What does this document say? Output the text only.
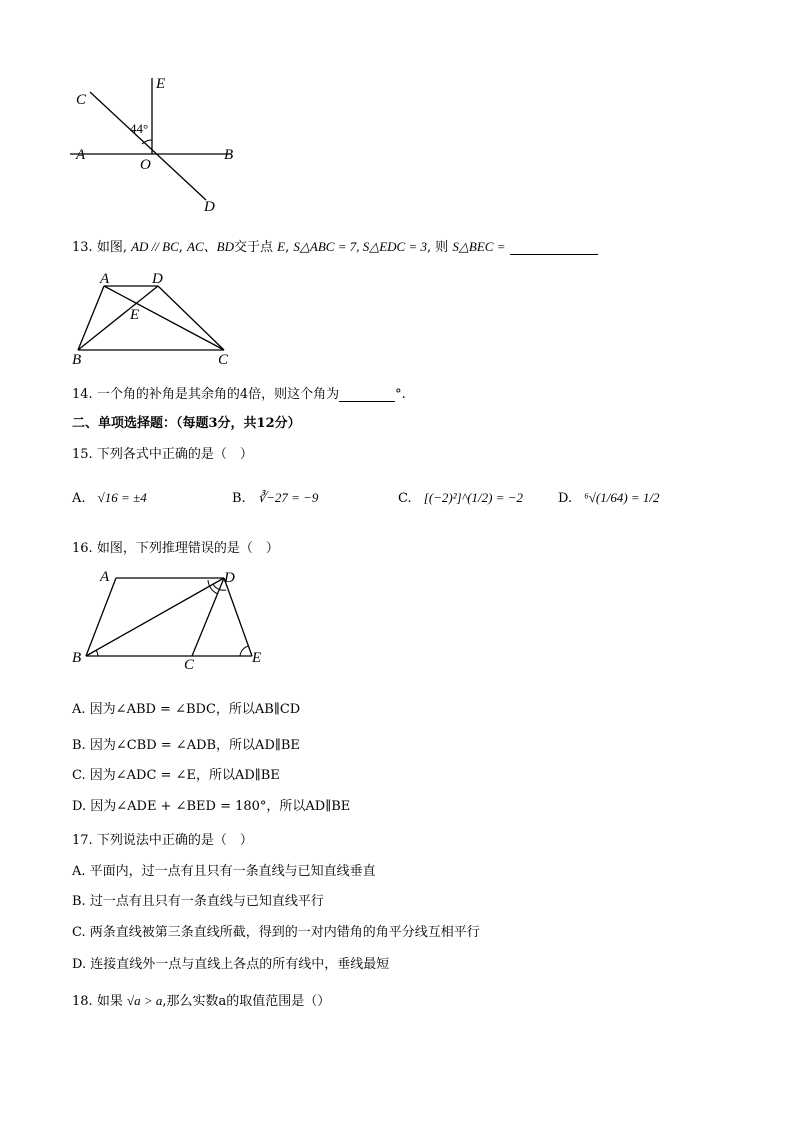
C
E
A	B
O
D
44°
13. 如图, AD // BC, AC、BD交于点 E, S△ABC = 7, S△EDC = 3, 则 S△BEC =
A	D
E
B	C
14. 一个角的补角是其余角的4倍，则这个角为	°.
二、单项选择题：（每题3分，共12分）
15. 下列各式中正确的是（　）
A. √16 = ±4	B. ∛−27 = −9	C. [(−2)²]^(1/2) = −2	D. ⁶√(1/64) = 1/2
16. 如图，下列推理错误的是（　）
A	D
B	C	E
A. 因为∠ABD = ∠BDC，所以AB∥CD
B. 因为∠CBD = ∠ADB，所以AD∥BE
C. 因为∠ADC = ∠E，所以AD∥BE
D. 因为∠ADE + ∠BED = 180°，所以AD∥BE
17. 下列说法中正确的是（　）
A. 平面内，过一点有且只有一条直线与已知直线垂直
B. 过一点有且只有一条直线与已知直线平行
C. 两条直线被第三条直线所截，得到的一对内错角的角平分线互相平行
D. 连接直线外一点与直线上各点的所有线中，垂线最短
18. 如果 √a > a,那么实数a的取值范围是（）
